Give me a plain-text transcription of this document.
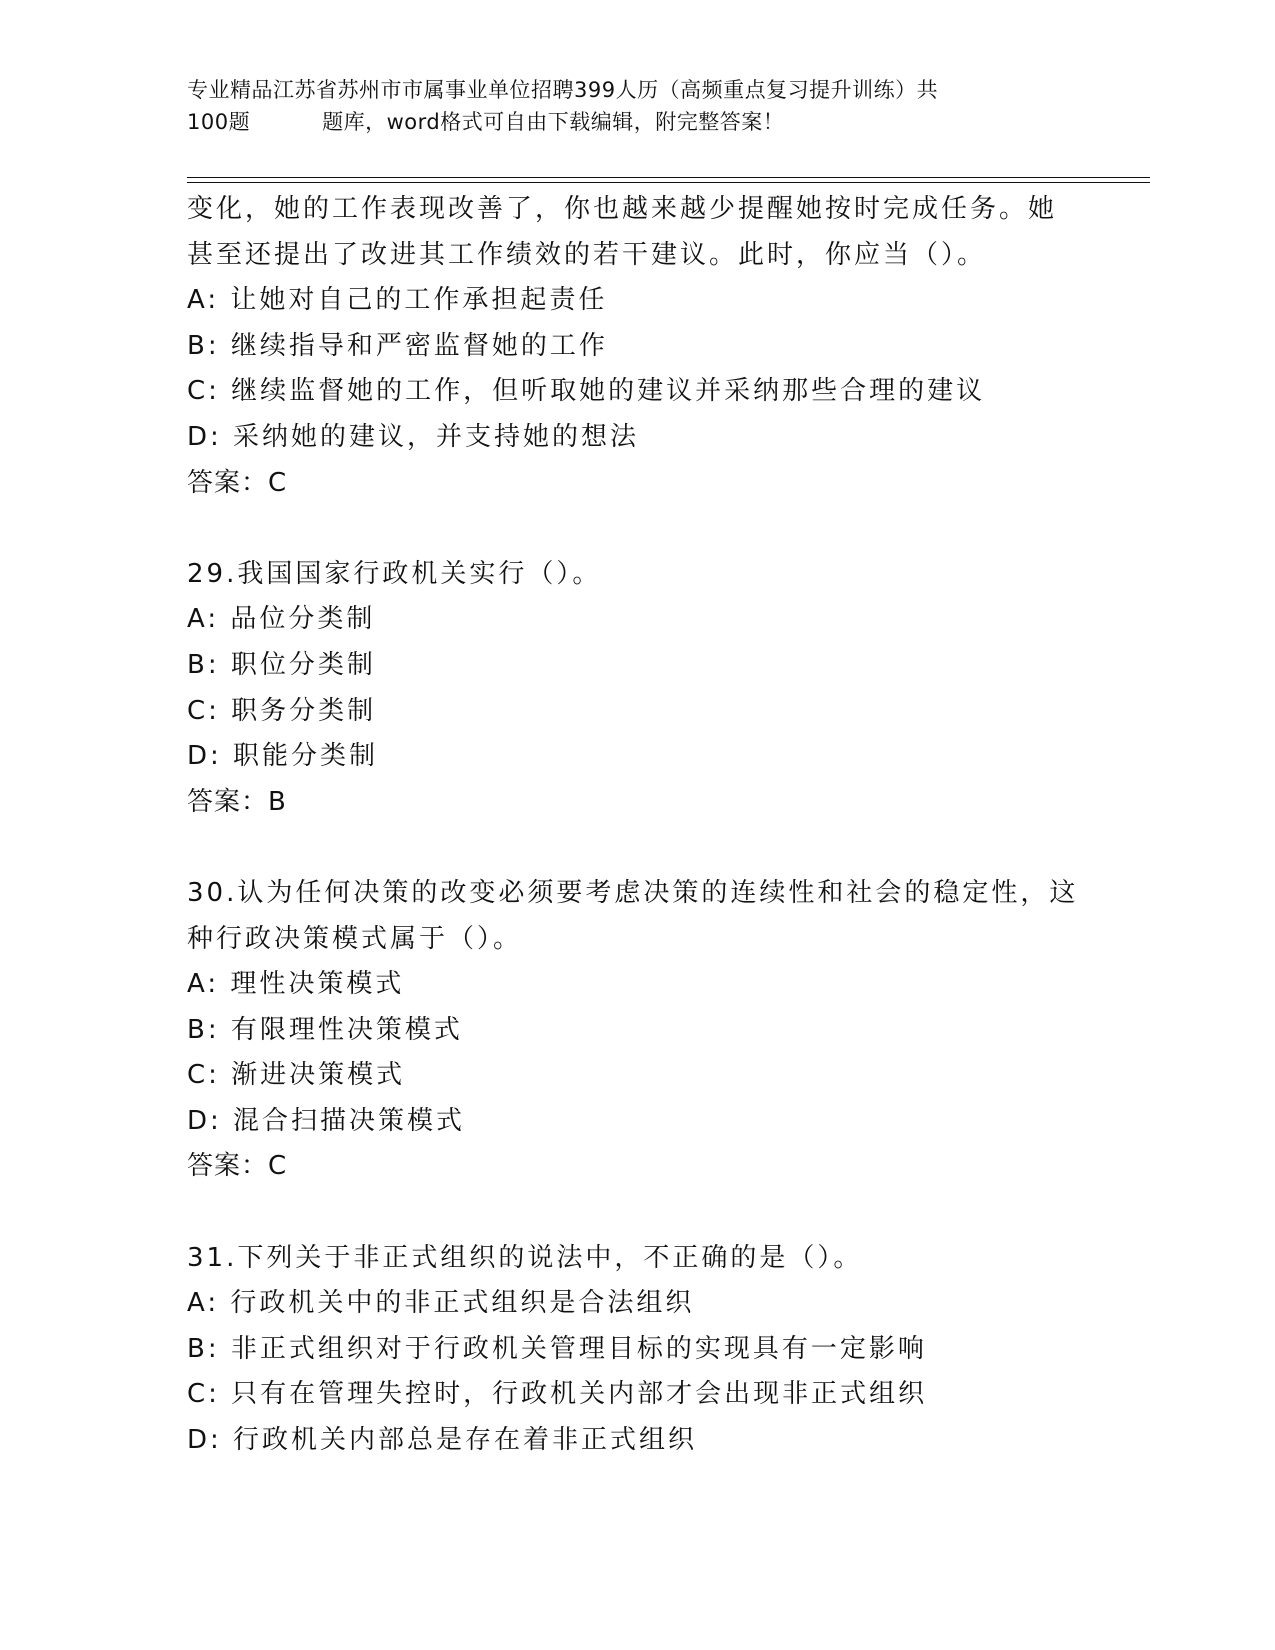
专业精品江苏省苏州市市属事业单位招聘399人历（高频重点复习提升训练）共
100题	题库，word格式可自由下载编辑，附完整答案！
变化，她的工作表现改善了，你也越来越少提醒她按时完成任务。她
甚至还提出了改进其工作绩效的若干建议。此时，你应当（）。
A: 让她对自己的工作承担起责任
B: 继续指导和严密监督她的工作
C: 继续监督她的工作，但听取她的建议并采纳那些合理的建议
D: 采纳她的建议，并支持她的想法
答案：C
29.我国国家行政机关实行（）。
A: 品位分类制
B: 职位分类制
C: 职务分类制
D: 职能分类制
答案：B
30.认为任何决策的改变必须要考虑决策的连续性和社会的稳定性，这
种行政决策模式属于（）。
A: 理性决策模式
B: 有限理性决策模式
C: 渐进决策模式
D: 混合扫描决策模式
答案：C
31.下列关于非正式组织的说法中，不正确的是（）。
A: 行政机关中的非正式组织是合法组织
B: 非正式组织对于行政机关管理目标的实现具有一定影响
C: 只有在管理失控时，行政机关内部才会出现非正式组织
D: 行政机关内部总是存在着非正式组织
